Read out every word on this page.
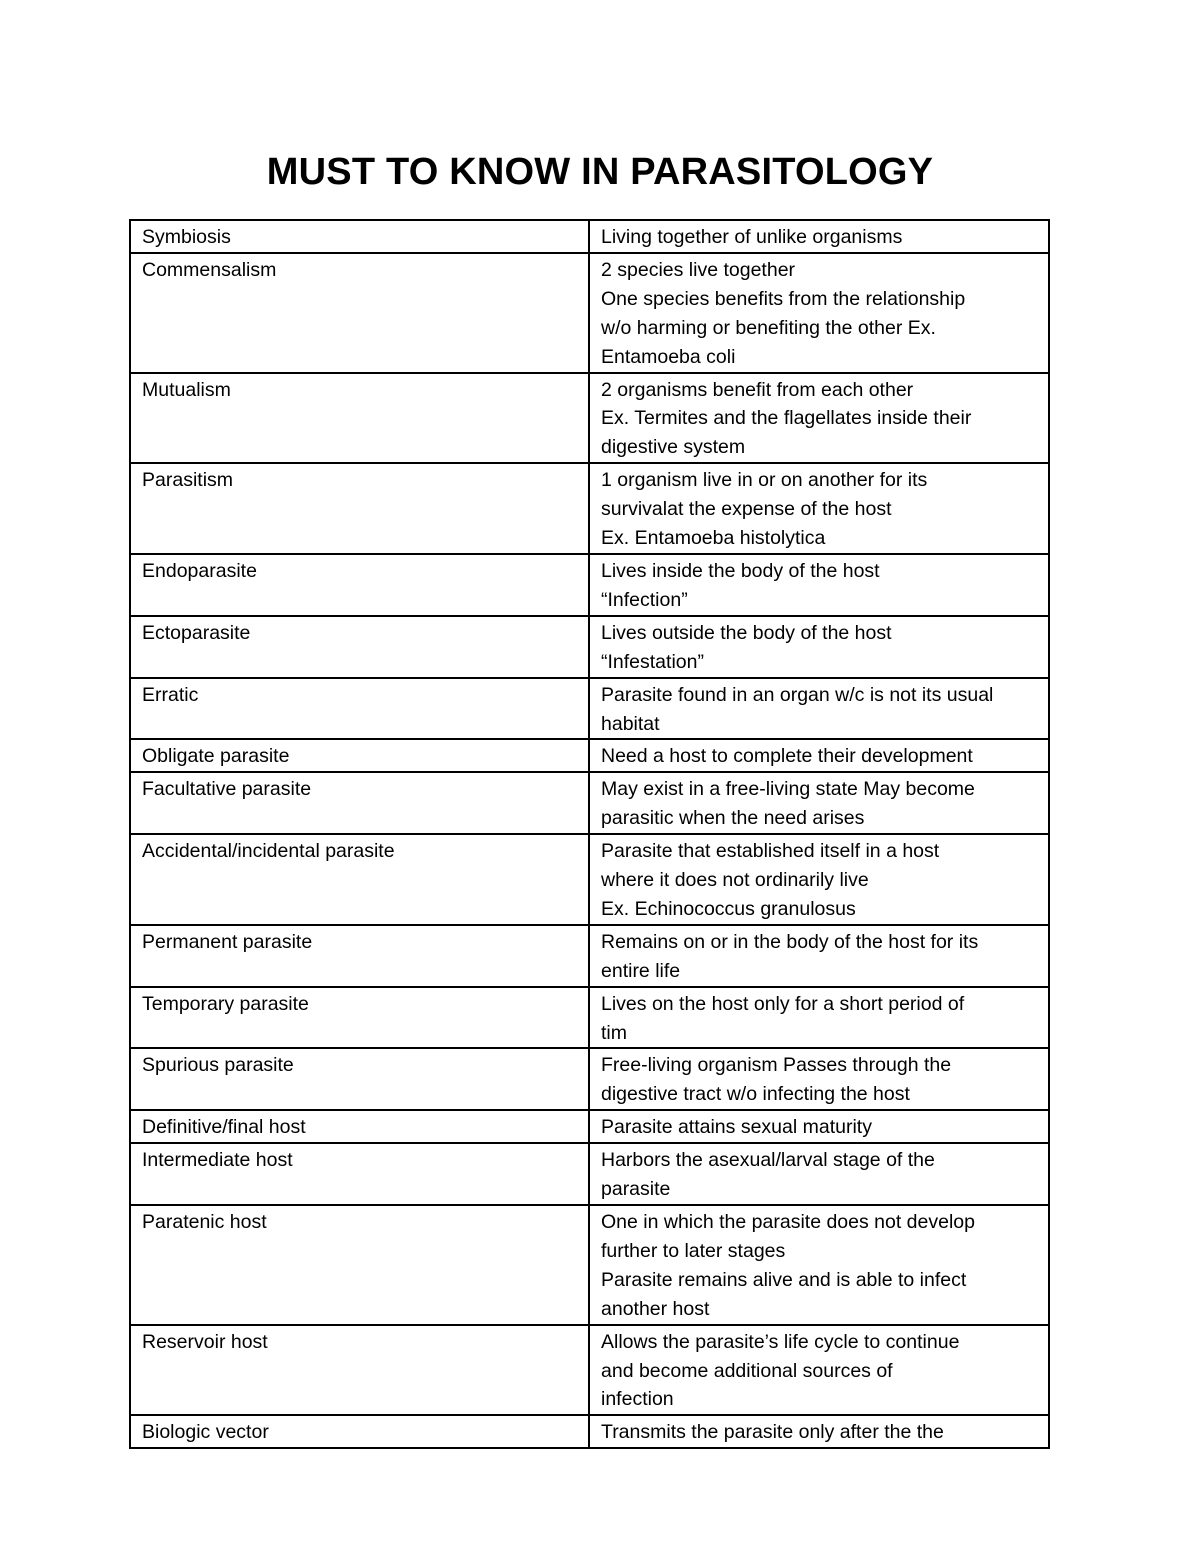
MUST TO KNOW IN PARASITOLOGY
Symbiosis	Living together of unlike organisms

Commensalism	2 species live together
One species benefits from the relationship
w/o harming or benefiting the other Ex.
Entamoeba coli

Mutualism	2 organisms benefit from each other
Ex. Termites and the flagellates inside their
digestive system

Parasitism	1 organism live in or on another for its
survivalat the expense of the host
Ex. Entamoeba histolytica

Endoparasite	Lives inside the body of the host
“Infection”

Ectoparasite	Lives outside the body of the host
“Infestation”

Erratic	Parasite found in an organ w/c is not its usual
habitat

Obligate parasite	Need a host to complete their development

Facultative parasite	May exist in a free-living state May become
parasitic when the need arises

Accidental/incidental parasite	Parasite that established itself in a host
where it does not ordinarily live
Ex. Echinococcus granulosus

Permanent parasite	Remains on or in the body of the host for its
entire life

Temporary parasite	Lives on the host only for a short period of
tim

Spurious parasite	Free-living organism Passes through the
digestive tract w/o infecting the host

Definitive/final host	Parasite attains sexual maturity

Intermediate host	Harbors the asexual/larval stage of the
parasite

Paratenic host	One in which the parasite does not develop
further to later stages
Parasite remains alive and is able to infect
another host

Reservoir host	Allows the parasite’s life cycle to continue
and become additional sources of
infection

Biologic vector	Transmits the parasite only after the the
